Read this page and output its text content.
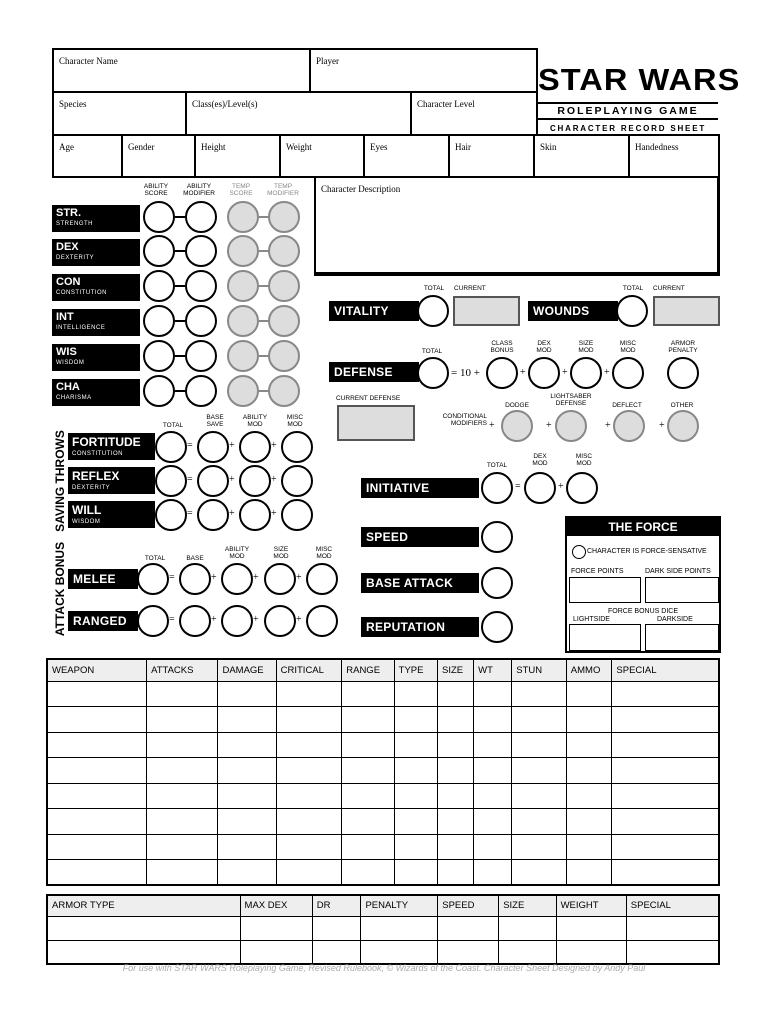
Character Name	Player
Species	Class(es)/Level(s)	Character Level
Age	Gender	Height	Weight	Eyes	Hair	Skin	Handedness
Character Description
STAR WARS
ROLEPLAYING GAME
CHARACTER RECORD SHEET
ABILITY SCORE
ABILITY MODIFIER
TEMP SCORE
TEMP MODIFIER
STR.
STRENGTH
DEX
DEXTERITY
CON
CONSTITUTION
INT
INTELLIGENCE
WIS
WISDOM
CHA
CHARISMA
SAVING THROWS
TOTAL
BASE SAVE
ABILITY MOD
MISC MOD
FORTITUDE
CONSTITUTION
=	+	+
REFLEX
DEXTERITY
=	+	+
WILL
WISDOM
=	+	+
ATTACK BONUS	TOTAL	BASE
ABILITY MOD
SIZE MOD
MISC MOD
MELEE	=	+	+	+
RANGED	=	+	+	+
VITALITY
TOTAL	CURRENT
WOUNDS
TOTAL	CURRENT
DEFENSE
TOTAL
= 10 +
CLASS BONUS
DEX MOD
SIZE MOD
MISC MOD
ARMOR PENALTY
+	+	+
CURRENT DEFENSE
CONDITIONAL MODIFIERS +
DODGE
+
LIGHTSABER DEFENSE
+
DEFLECT
+
OTHER
INITIATIVE
TOTAL
DEX MOD
MISC MOD
=	+
SPEED
BASE ATTACK
REPUTATION
THE FORCE
CHARACTER IS FORCE-SENSATIVE
FORCE POINTS	DARK SIDE POINTS
FORCE BONUS DICE
LIGHTSIDE	DARKSIDE
WEAPON	ATTACKS	DAMAGE	CRITICAL	RANGE	TYPE	SIZE	WT	STUN	AMMO	SPECIAL

ARMOR TYPE	MAX DEX	DR	PENALTY	SPEED	SIZE	WEIGHT	SPECIAL

For use with STAR WARS Roleplaying Game, Revised Rulebook, © Wizards of the Coast. Character Sheet Designed by Andy Paul
